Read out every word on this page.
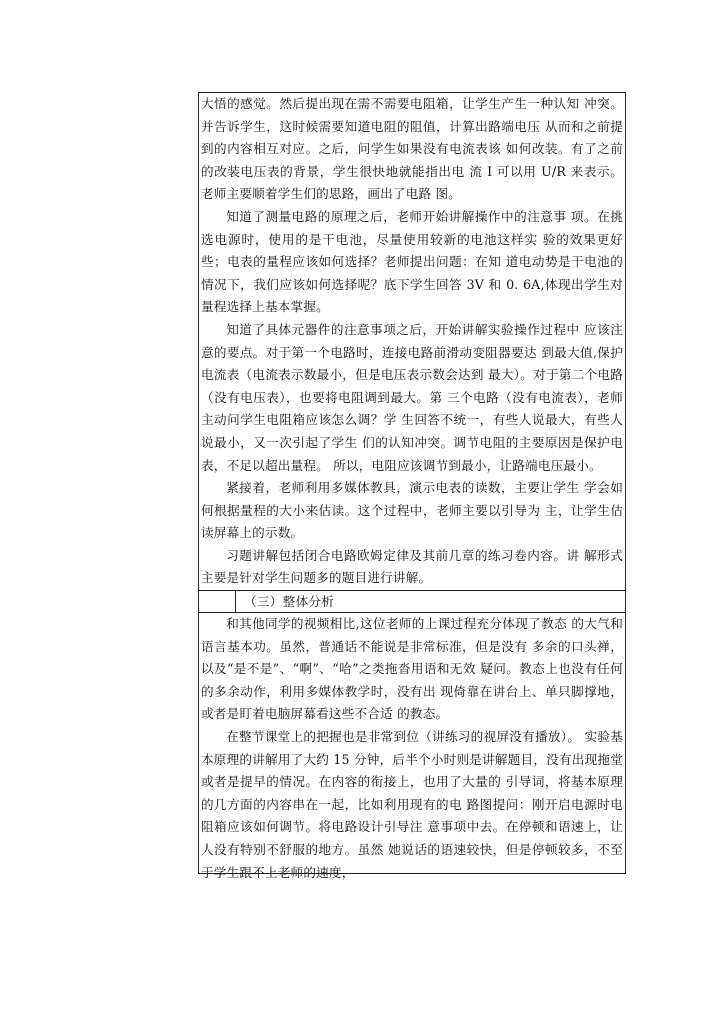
大悟的感觉。然后提出现在需不需要电阻箱，让学生产生一种认知 冲突。并告诉学生，这时候需要知道电阻的阻值，计算出路端电压 从而和之前提到的内容相互对应。之后，问学生如果没有电流表该 如何改装。有了之前的改装电压表的背景，学生很快地就能指出电 流 I 可以用 U/R 来表示。老师主要顺着学生们的思路，画出了电路 图。

知道了测量电路的原理之后，老师开始讲解操作中的注意事 项。在挑选电源时，使用的是干电池，尽量使用较新的电池这样实 验的效果更好些；电表的量程应该如何选择？老师提出问题：在知 道电动势是干电池的情况下，我们应该如何选择呢？底下学生回答 3V 和 0. 6A,体现出学生对量程选择上基本掌握。

知道了具体元器件的注意事项之后，开始讲解实验操作过程中 应该注意的要点。对于第一个电路时，连接电路前滑动变阻器要达 到最大值,保护电流表（电流表示数最小，但是电压表示数会达到 最大）。对于第二个电路（没有电压表），也要将电阻调到最大。第 三个电路（没有电流表），老师主动问学生电阻箱应该怎么调？学 生回答不统一，有些人说最大，有些人说最小，又一次引起了学生 们的认知冲突。调节电阻的主要原因是保护电表，不足以超出量程。 所以，电阻应该调节到最小，让路端电压最小。

紧接着，老师利用多媒体教具，演示电表的读数，主要让学生 学会如何根据量程的大小来估读。这个过程中，老师主要以引导为 主，让学生估读屏幕上的示数。

习题讲解包括闭合电路欧姆定律及其前几章的练习卷内容。讲 解形式主要是针对学生问题多的题目进行讲解。

（三）整体分析

和其他同学的视频相比,这位老师的上课过程充分体现了教态 的大气和语言基本功。虽然，普通话不能说是非常标准，但是没有 多余的口头禅，以及“是不是”、“啊”、“哈”之类拖沓用语和无效 疑问。教态上也没有任何的多余动作，利用多媒体教学时，没有出 现倚靠在讲台上、单只脚撑地，或者是盯着电脑屏幕看这些不合适 的教态。

在整节课堂上的把握也是非常到位（讲练习的视屏没有播放）。 实验基本原理的讲解用了大约 15 分钟，后半个小时则是讲解题目，没有出现拖堂或者是提早的情况。在内容的衔接上，也用了大量的 引导词，将基本原理的几方面的内容串在一起，比如利用现有的电 路图提问：刚开启电源时电阻箱应该如何调节。将电路设计引导注 意事项中去。在停顿和语速上，让人没有特别不舒服的地方。虽然 她说话的语速较快，但是停顿较多，不至于学生跟不上老师的速度，
